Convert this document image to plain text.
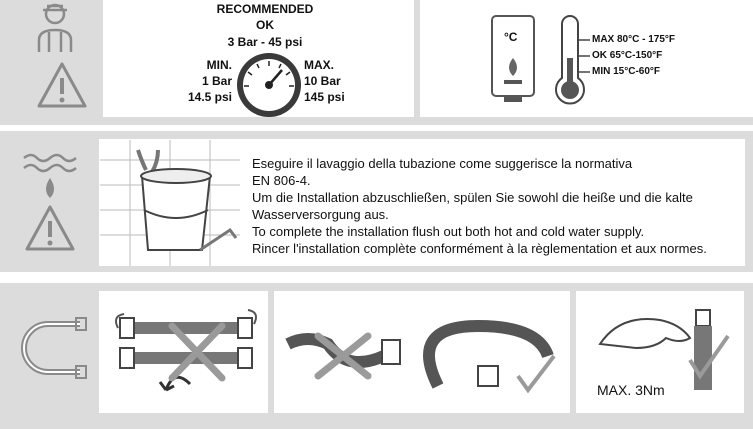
RECOMMENDED
OK
3 Bar - 45 psi
MIN.
1 Bar
14.5 psi
MAX.
10 Bar
145 psi
°C	MAX 80°C - 175°F
OK 65°C-150°F
MIN 15°C-60°F
Eseguire il lavaggio della tubazione come suggerisce la normativa
EN 806-4.
Um die Installation abzuschließen, spülen Sie sowohl die heiße und die kalte
Wasserversorgung aus.
To complete the installation flush out both hot and cold water supply.
Rincer l'installation complète conformément à la règlementation et aux normes.
MAX. 3Nm
